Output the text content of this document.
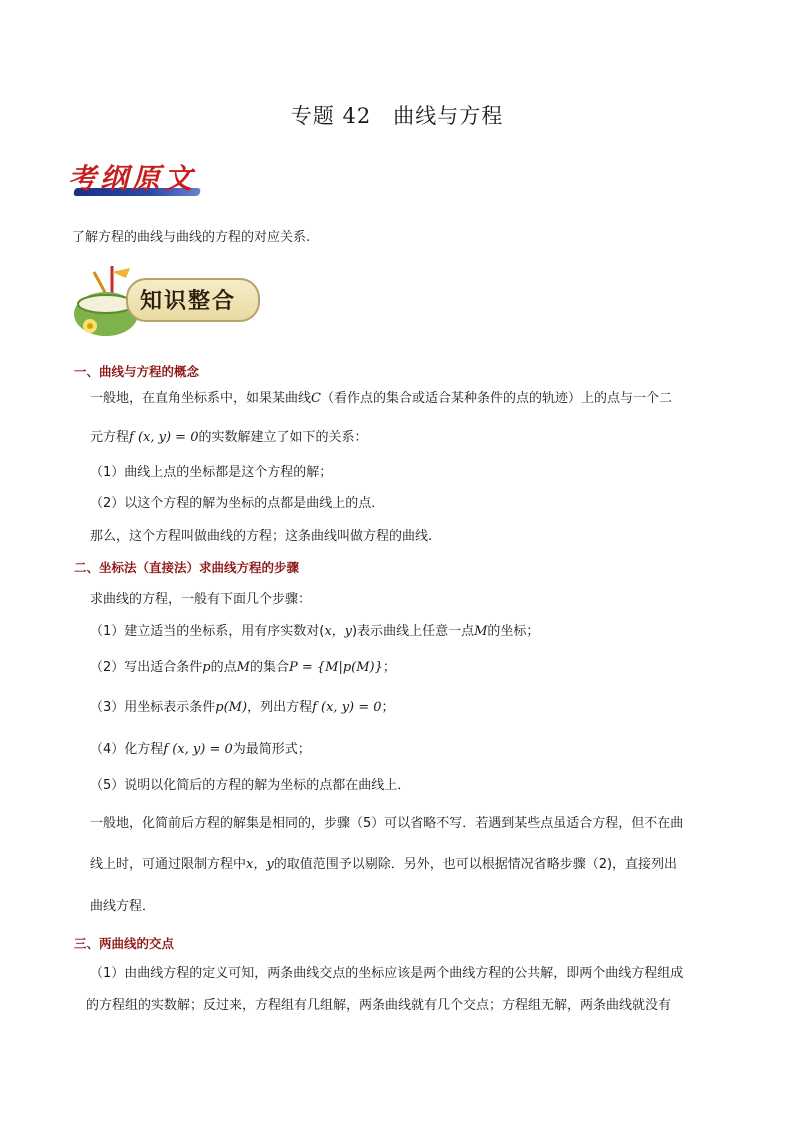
专题 42　曲线与方程
考纲原文
了解方程的曲线与曲线的方程的对应关系.
知识整合
一、曲线与方程的概念
一般地，在直角坐标系中，如果某曲线C（看作点的集合或适合某种条件的点的轨迹）上的点与一个二
元方程f (x, y) = 0的实数解建立了如下的关系：
（1）曲线上点的坐标都是这个方程的解；
（2）以这个方程的解为坐标的点都是曲线上的点．
那么，这个方程叫做曲线的方程；这条曲线叫做方程的曲线.
二、坐标法（直接法）求曲线方程的步骤
求曲线的方程，一般有下面几个步骤：
（1）建立适当的坐标系，用有序实数对(x，y)表示曲线上任意一点M的坐标；
（2）写出适合条件p的点M的集合P = {M|p(M)}；
（3）用坐标表示条件p(M)，列出方程f (x, y) = 0；
（4）化方程f (x, y) = 0为最简形式；
（5）说明以化简后的方程的解为坐标的点都在曲线上．
一般地，化简前后方程的解集是相同的，步骤（5）可以省略不写．若遇到某些点虽适合方程，但不在曲
线上时，可通过限制方程中x，y的取值范围予以剔除．另外，也可以根据情况省略步骤（2)，直接列出
曲线方程．
三、两曲线的交点
（1）由曲线方程的定义可知，两条曲线交点的坐标应该是两个曲线方程的公共解，即两个曲线方程组成
的方程组的实数解；反过来，方程组有几组解，两条曲线就有几个交点；方程组无解，两条曲线就没有
